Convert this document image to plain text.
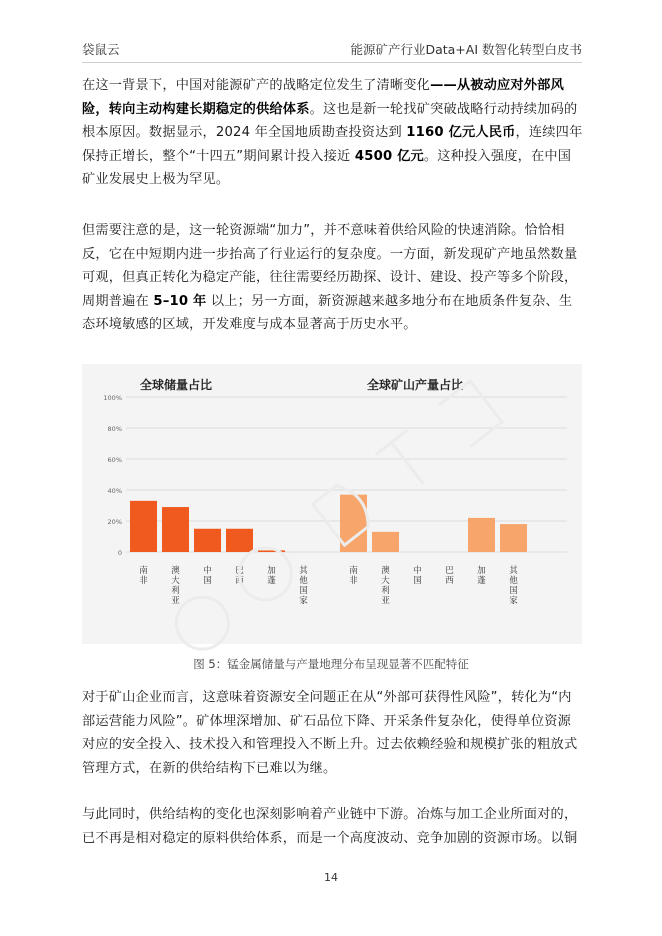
袋鼠云	能源矿产行业Data+AI 数智化转型白皮书

在这一背景下，中国对能源矿产的战略定位发生了清晰变化——从被动应对外部风险，转向主动构建长期稳定的供给体系。这也是新一轮找矿突破战略行动持续加码的根本原因。数据显示，2024 年全国地质勘查投资达到 1160 亿元人民币，连续四年保持正增长，整个“十四五”期间累计投入接近 4500 亿元。这种投入强度，在中国矿业发展史上极为罕见。

但需要注意的是，这一轮资源端“加力”，并不意味着供给风险的快速消除。恰恰相反，它在中短期内进一步抬高了行业运行的复杂度。一方面，新发现矿产地虽然数量可观，但真正转化为稳定产能，往往需要经历勘探、设计、建设、投产等多个阶段，周期普遍在 5–10 年 以上；另一方面，新资源越来越多地分布在地质条件复杂、生态环境敏感的区域，开发难度与成本显著高于历史水平。

0
20%
40%
60%
80%
100%
全球储量占比
南非
澳大利亚
中国
巴西
加蓬
其他国家
全球矿山产量占比
南非
澳大利亚
中国
巴西
加蓬
其他国家
图 5：锰金属储量与产量地理分布呈现显著不匹配特征

对于矿山企业而言，这意味着资源安全问题正在从“外部可获得性风险”，转化为“内部运营能力风险”。矿体埋深增加、矿石品位下降、开采条件复杂化，使得单位资源对应的安全投入、技术投入和管理投入不断上升。过去依赖经验和规模扩张的粗放式管理方式，在新的供给结构下已难以为继。

与此同时，供给结构的变化也深刻影响着产业链中下游。冶炼与加工企业所面对的，已不再是相对稳定的原料供给体系，而是一个高度波动、竞争加剧的资源市场。以铜

14
